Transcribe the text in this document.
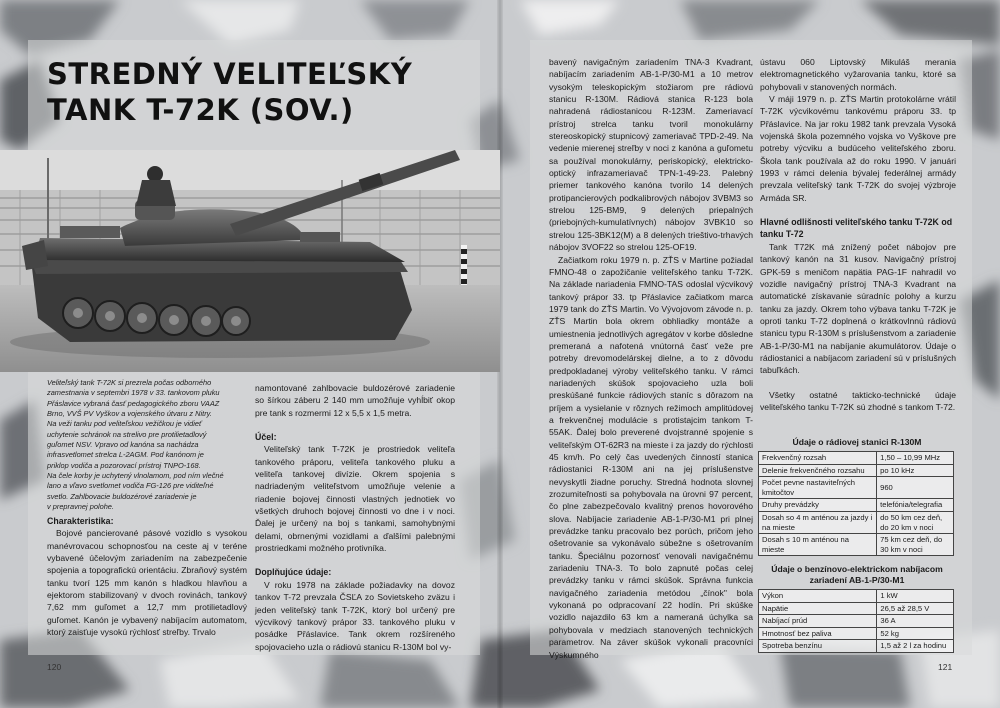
STREDNÝ VELITEĽSKÝ
TANK T-72K (SOV.)
Veliteľský tank T-72K si prezrela počas odborného
zamestnania v septembri 1978 v 33. tankovom pluku
Přáslavice vybraná časť pedagogického zboru VAAZ
Brno, VVŠ PV Vyškov a vojenského útvaru z Nitry.
Na veži tanku pod veliteľskou vežičkou je vidieť
uchytenie schránok na strelivo pre protilietadlový
guľomet NSV. Vpravo od kanóna sa nachádza
infrasvetlomet strelca L-2AGM. Pod kanónom je
priklop vodiča a pozorovací prístroj TNPO-168.
Na čele korby je uchytený vlnolamom, pod ním vlečné
lano a vľavo svetlomet vodiča FG-126 pre viditeľné
svetlo. Zahlbovacie buldozérové zariadenie je
v prepravnej polohe.
Charakteristika:

Bojové pancierované pásové vozidlo s vysokou manévrovacou schopnosťou na ceste aj v teréne vybavené účelovým zariadením na zabezpečenie spojenia a topografickú orientáciu. Zbraňový systém tanku tvorí 125 mm kanón s hladkou hlavňou a ejektorom stabilizovaný v dvoch rovinách, tankový 7,62 mm guľomet a 12,7 mm protilietadlový guľomet. Kanón je vybavený nabíjacím automatom, ktorý zaisťuje vysokú rýchlosť streľby. Trvalo

namontované zahlbovacie buldozérové zariadenie so šírkou záberu 2 140 mm umožňuje vyhĺbiť okop pre tank s rozmermi 12 x 5,5 x 1,5 metra.

Účel:

Veliteľský tank T-72K je prostriedok veliteľa tankového práporu, veliteľa tankového pluku a veliteľa tankovej divízie. Okrem spojenia s nadriadeným veliteľstvom umožňuje velenie a riadenie bojovej činnosti vlastných jednotiek vo všetkých druhoch bojovej činnosti vo dne i v noci. Ďalej je určený na boj s tankami, samohybnými delami, obrnenými vozidlami a ďalšími palebnými prostriedkami možného protivníka.

Doplňujúce údaje:

V roku 1978 na základe požiadavky na dovoz tankov T-72 prevzala ČSĽA zo Sovietskeho zväzu i jeden veliteľský tank T-72K, ktorý bol určený pre výcvikový tankový prápor 33. tankového pluku v posádke Přáslavice. Tank okrem rozšíreného spojovacieho uzla o rádiovú stanicu R-130M bol vy-

120	121

bavený navigačným zariadením TNA-3 Kvadrant, nabíjacím zariadením AB-1-P/30-M1 a 10 metrov vysokým teleskopickým stožiarom pre rádiovú stanicu R-130M. Rádiová stanica R-123 bola nahradená rádiostanicou R-123M. Zameriavací prístroj strelca tanku tvoril monokulárny stereoskopický stupnicový zameriavač TPD-2-49. Na vedenie mierenej streľby v noci z kanóna a guľometu sa používal monokulárny, periskopický, elektricko-optický infrazameriavač TPN-1-49-23. Palebný priemer tankového kanóna tvorilo 14 delených protipancierových podkalibrových nábojov 3VBM3 so strelou 125-BM9, 9 delených priepalných (priebojných-kumulatívnych) nábojov 3VBK10 so strelou 125-3BK12(M) a 8 delených trieštivo-trhavých nábojov 3VOF22 so strelou 125-OF19.

Začiatkom roku 1979 n. p. ZŤS v Martine požiadal FMNO-48 o zapožičanie veliteľského tanku T-72K. Na základe nariadenia FMNO-TAS odoslal výcvikový tankový prápor 33. tp Přáslavice začiatkom marca 1979 tank do ZŤS Martin. Vo Vývojovom závode n. p. ZŤS Martin bola okrem obhliadky montáže a umiestnenia jednotlivých agregátov v korbe dôsledne premeraná a nafotená vnútorná časť veže pre potreby drevomodelárskej dielne, a to z dôvodu predpokladanej výroby veliteľského tanku. V rámci nariadených skúšok spojovacieho uzla boli preskúšané funkcie rádiových staníc s dôrazom na príjem a vysielanie v rôznych režimoch amplitúdovej a frekvenčnej modulácie s protistajcim tankom T-55AK. Ďalej bolo preverené dvojstranné spojenie s veliteľským OT-62R3 na mieste i za jazdy do rýchlosti 45 km/h. Po celý čas uvedených činností stanica rádiostanici R-130M ani na jej príslušenstve nevyskytli žiadne poruchy. Stredná hodnota slovnej zrozumiteľnosti sa pohybovala na úrovni 97 percent, čo plne zabezpečovalo kvalitný prenos hovorového slova. Nabíjacie zariadenie AB-1-P/30-M1 pri plnej prevádzke tanku pracovalo bez porúch, pričom jeho ošetrovanie sa vykonávalo súbežne s ošetrovaním tanku. Špeciálnu pozornosť venovali navigačnému zariadeniu TNA-3. To bolo zapnuté počas celej prevádzky tanku v rámci skúšok. Správna funkcia navigačného zariadenia metódou „čínok" bola vykonaná po odpracovaní 22 hodín. Pri skúške vozidlo najazdilo 63 km a nameraná úchylka sa pohybovala v medziach stanovených technických parametrov. Na záver skúšok vykonali pracovníci Výskumného

ústavu 060 Liptovský Mikuláš merania elektromagnetického vyžarovania tanku, ktoré sa pohybovali v stanovených normách.

V máji 1979 n. p. ZŤS Martin protokolárne vrátil T-72K výcvikovému tankovému práporu 33. tp Přáslavice. Na jar roku 1982 tank prevzala Vysoká vojenská škola pozemného vojska vo Vyškove pre potreby výcviku a budúceho veliteľského zboru. Škola tank používala až do roku 1990. V januári 1993 v rámci delenia bývalej federálnej armády prevzala veliteľský tank T-72K do svojej výzbroje Armáda SR.

Hlavné odlišnosti veliteľského tanku T-72K od tanku T-72

Tank T72K má znížený počet nábojov pre tankový kanón na 31 kusov. Navigačný prístroj GPK-59 s meničom napätia PAG-1F nahradil vo vozidle navigačný prístroj TNA-3 Kvadrant na automatické získavanie súradníc polohy a kurzu tanku za jazdy. Okrem toho výbava tanku T-72K je oproti tanku T-72 doplnená o krátkovlnnú rádiovú stanicu typu R-130M s príslušenstvom a zariadenie AB-1-P/30-M1 na nabíjanie akumulátorov. Údaje o rádiostanici a nabíjacom zariadení sú v príslušných tabuľkách.

Všetky ostatné takticko-technické údaje veliteľského tanku T-72K sú zhodné s tankom T-72.

Údaje o rádiovej stanici R-130M
Frekvenčný rozsah	1,50 – 10,99 MHz
Delenie frekvenčného rozsahu	po 10 kHz
Počet pevne nastaviteľných kmitočtov	960
Druhy prevádzky	telefónia/telegrafia
Dosah so 4 m anténou za jazdy i na mieste	do 50 km cez deň, do 20 km v noci
Dosah s 10 m anténou na mieste	75 km cez deň, do 30 km v noci
Údaje o benzínovo-elektrickom nabíjacom zariadení AB-1-P/30-M1
Výkon	1 kW
Napätie	26,5 až 28,5 V
Nabíjací prúd	36 A
Hmotnosť bez paliva	52 kg
Spotreba benzínu	1,5 až 2 l za hodinu
